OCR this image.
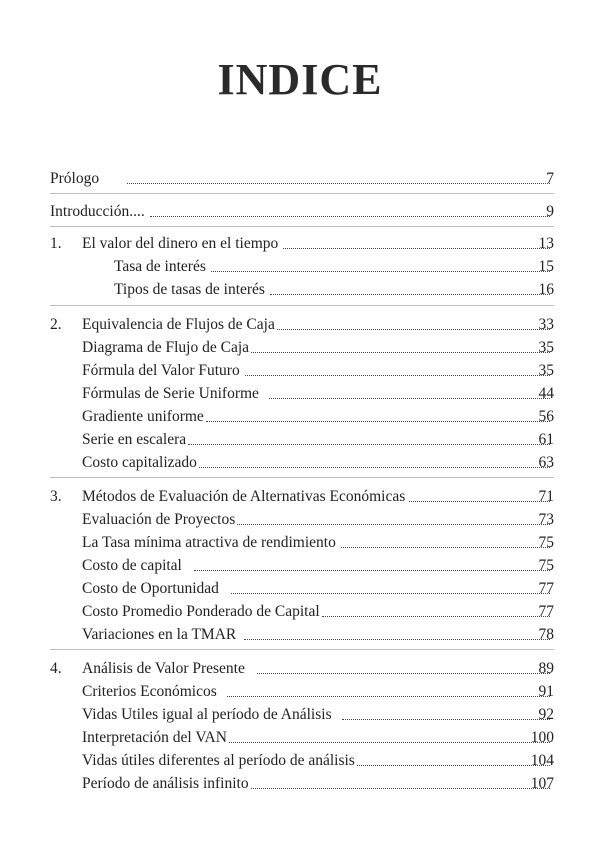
INDICE
Prólogo	7
Introducción....	9
1. El valor del dinero en el tiempo	13
Tasa de interés	15
Tipos de tasas de interés	16
2. Equivalencia de Flujos de Caja	33
Diagrama de Flujo de Caja	35
Fórmula del Valor Futuro	35
Fórmulas de Serie Uniforme	44
Gradiente uniforme	56
Serie en escalera	61
Costo capitalizado	63
3. Métodos de Evaluación de Alternativas Económicas	71
Evaluación de Proyectos	73
La Tasa mínima atractiva de rendimiento	75
Costo de capital	75
Costo de Oportunidad	77
Costo Promedio Ponderado de Capital	77
Variaciones en la TMAR	78
4. Análisis de Valor Presente	89
Criterios Económicos	91
Vidas Utiles igual al período de Análisis	92
Interpretación del VAN	100
Vidas útiles diferentes al período de análisis	104
Período de análisis infinito	107
